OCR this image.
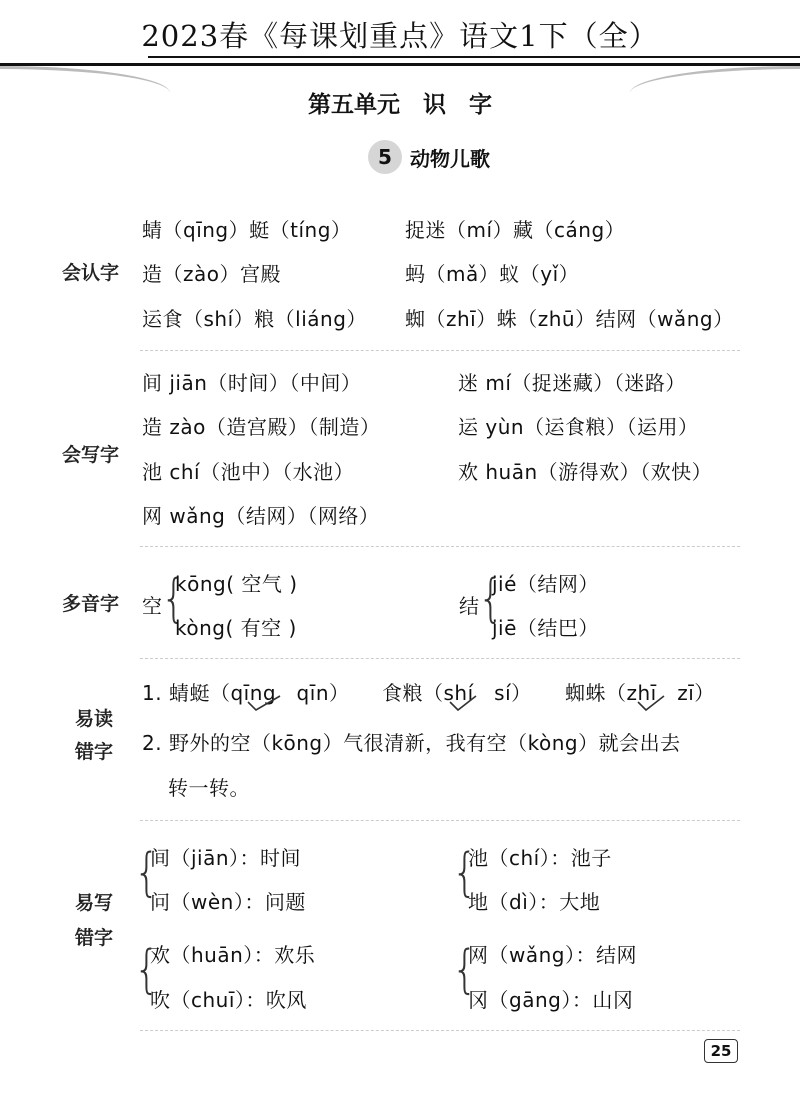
2023春《每课划重点》语文1下（全）
第五单元　识　字
5 动物儿歌
会认字
蜻（qīng）蜓（tíng）	捉迷（mí）藏（cáng）
造（zào）宫殿	蚂（mǎ）蚁（yǐ）
运食（shí）粮（liáng） 蜘（zhī）蛛（zhū）结网（wǎng）
会写字
间 jiān（时间）（中间）	迷 mí（捉迷藏）（迷路）
造 zào（造宫殿）（制造）	运 yùn（运食粮）（运用）
池 chí（池中）（水池）	欢 huān（游得欢）（欢快）
网 wǎng（结网）（网络）
多音字 空
{
kōng( 空气 )
kòng( 有空 )
结
{
jié（结网）
jiē（结巴）
易读
错字
1. 蜻蜓（qīng　qīn） 食粮（shí　sí） 蜘蛛（zhī　zī）
2. 野外的空（kōng）气很清新，我有空（kòng）就会出去
转一转。
易写
错字
{
间（jiān）：时间
问（wèn）：问题	{
池（chí）：池子
地（dì）：大地
{
欢（huān）：欢乐
吹（chuī）：吹风
{
网（wǎng）：结网
冈（gāng）：山冈
25
